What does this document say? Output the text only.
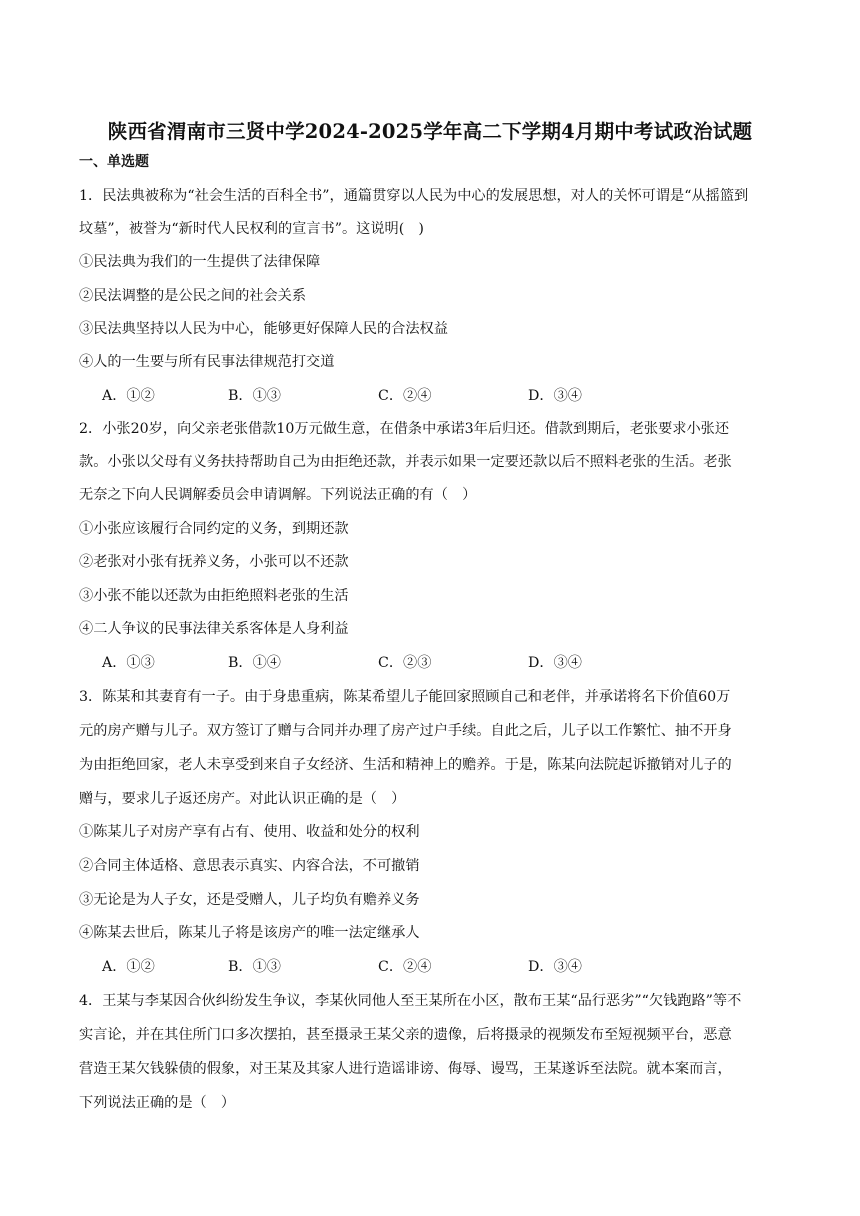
陕西省渭南市三贤中学2024-2025学年高二下学期4月期中考试政治试题
一、单选题
1．民法典被称为“社会生活的百科全书”，通篇贯穿以人民为中心的发展思想，对人的关怀可谓是“从摇篮到
坟墓”，被誉为“新时代人民权利的宣言书”。这说明(　)
①民法典为我们的一生提供了法律保障
②民法调整的是公民之间的社会关系
③民法典坚持以人民为中心，能够更好保障人民的合法权益
④人的一生要与所有民事法律规范打交道
A．①②	B．①③	C．②④	D．③④
2．小张20岁，向父亲老张借款10万元做生意，在借条中承诺3年后归还。借款到期后，老张要求小张还
款。小张以父母有义务扶持帮助自己为由拒绝还款，并表示如果一定要还款以后不照料老张的生活。老张
无奈之下向人民调解委员会申请调解。下列说法正确的有（　）
①小张应该履行合同约定的义务，到期还款
②老张对小张有抚养义务，小张可以不还款
③小张不能以还款为由拒绝照料老张的生活
④二人争议的民事法律关系客体是人身利益
A．①③	B．①④	C．②③	D．③④
3．陈某和其妻育有一子。由于身患重病，陈某希望儿子能回家照顾自己和老伴，并承诺将名下价值60万
元的房产赠与儿子。双方签订了赠与合同并办理了房产过户手续。自此之后，儿子以工作繁忙、抽不开身
为由拒绝回家，老人未享受到来自子女经济、生活和精神上的赡养。于是，陈某向法院起诉撤销对儿子的
赠与，要求儿子返还房产。对此认识正确的是（　）
①陈某儿子对房产享有占有、使用、收益和处分的权利
②合同主体适格、意思表示真实、内容合法，不可撤销
③无论是为人子女，还是受赠人，儿子均负有赡养义务
④陈某去世后，陈某儿子将是该房产的唯一法定继承人
A．①②	B．①③	C．②④	D．③④
4．王某与李某因合伙纠纷发生争议，李某伙同他人至王某所在小区，散布王某“品行恶劣”“欠钱跑路”等不
实言论，并在其住所门口多次摆拍，甚至摄录王某父亲的遗像，后将摄录的视频发布至短视频平台，恶意
营造王某欠钱躲债的假象，对王某及其家人进行造谣诽谤、侮辱、谩骂，王某遂诉至法院。就本案而言，
下列说法正确的是（　）
